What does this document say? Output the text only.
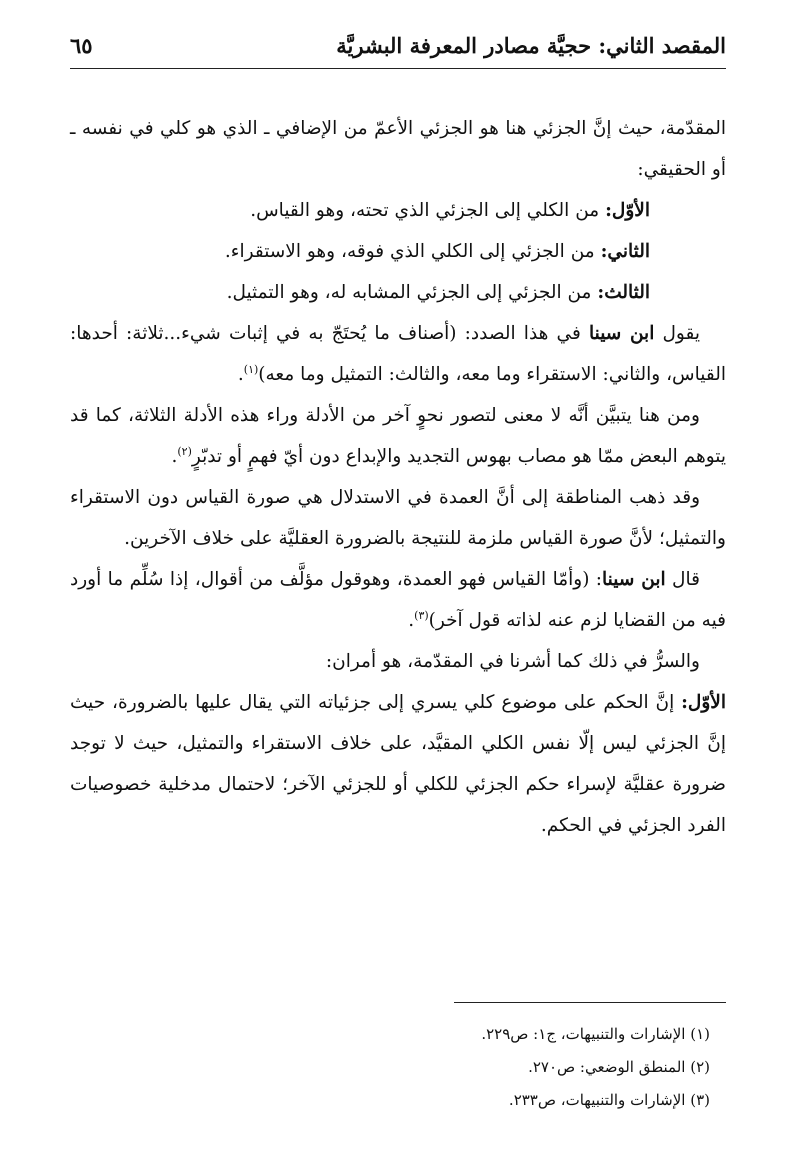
المقصد الثاني: حجيَّة مصادر المعرفة البشريَّة
٦٥

المقدّمة، حيث إنَّ الجزئي هنا هو الجزئي الأعمّ من الإضافي ـ الذي هو كلي في نفسه ـ أو الحقيقي:

الأوّل: من الكلي إلى الجزئي الذي تحته، وهو القياس.

الثاني: من الجزئي إلى الكلي الذي فوقه، وهو الاستقراء.

الثالث: من الجزئي إلى الجزئي المشابه له، وهو التمثيل.

يقول ابن سينا في هذا الصدد: (أصناف ما يُحتَجّ به في إثبات شيء...ثلاثة: أحدها: القياس، والثاني: الاستقراء وما معه، والثالث: التمثيل وما معه)$^{(١)}$.

ومن هنا يتبيَّن أنَّه لا معنى لتصور نحوٍ آخر من الأدلة وراء هذه الأدلة الثلاثة، كما قد يتوهم البعض ممّا هو مصاب بهوس التجديد والإبداع دون أيّ فهمٍ أو تدبّرٍ$^{(٢)}$.

وقد ذهب المناطقة إلى أنَّ العمدة في الاستدلال هي صورة القياس دون الاستقراء والتمثيل؛ لأنَّ صورة القياس ملزمة للنتيجة بالضرورة العقليَّة على خلاف الآخرين.

قال ابن سينا: (وأمّا القياس فهو العمدة، وهوقول مؤلَّف من أقوال، إذا سُلِّم ما أورد فيه من القضايا لزم عنه لذاته قول آخر)$^{(٣)}$.

والسرُّ في ذلك كما أشرنا في المقدّمة، هو أمران:

الأوّل: إنَّ الحكم على موضوع كلي يسري إلى جزئياته التي يقال عليها بالضرورة، حيث إنَّ الجزئي ليس إلّا نفس الكلي المقيَّد، على خلاف الاستقراء والتمثيل، حيث لا توجد ضرورة عقليَّة لإسراء حكم الجزئي للكلي أو للجزئي الآخر؛ لاحتمال مدخلية خصوصيات الفرد الجزئي في الحكم.

(١) الإشارات والتنبيهات، ج١: ص٢٢٩.
(٢) المنطق الوضعي: ص٢٧٠.
(٣) الإشارات والتنبيهات، ص٢٣٣.
